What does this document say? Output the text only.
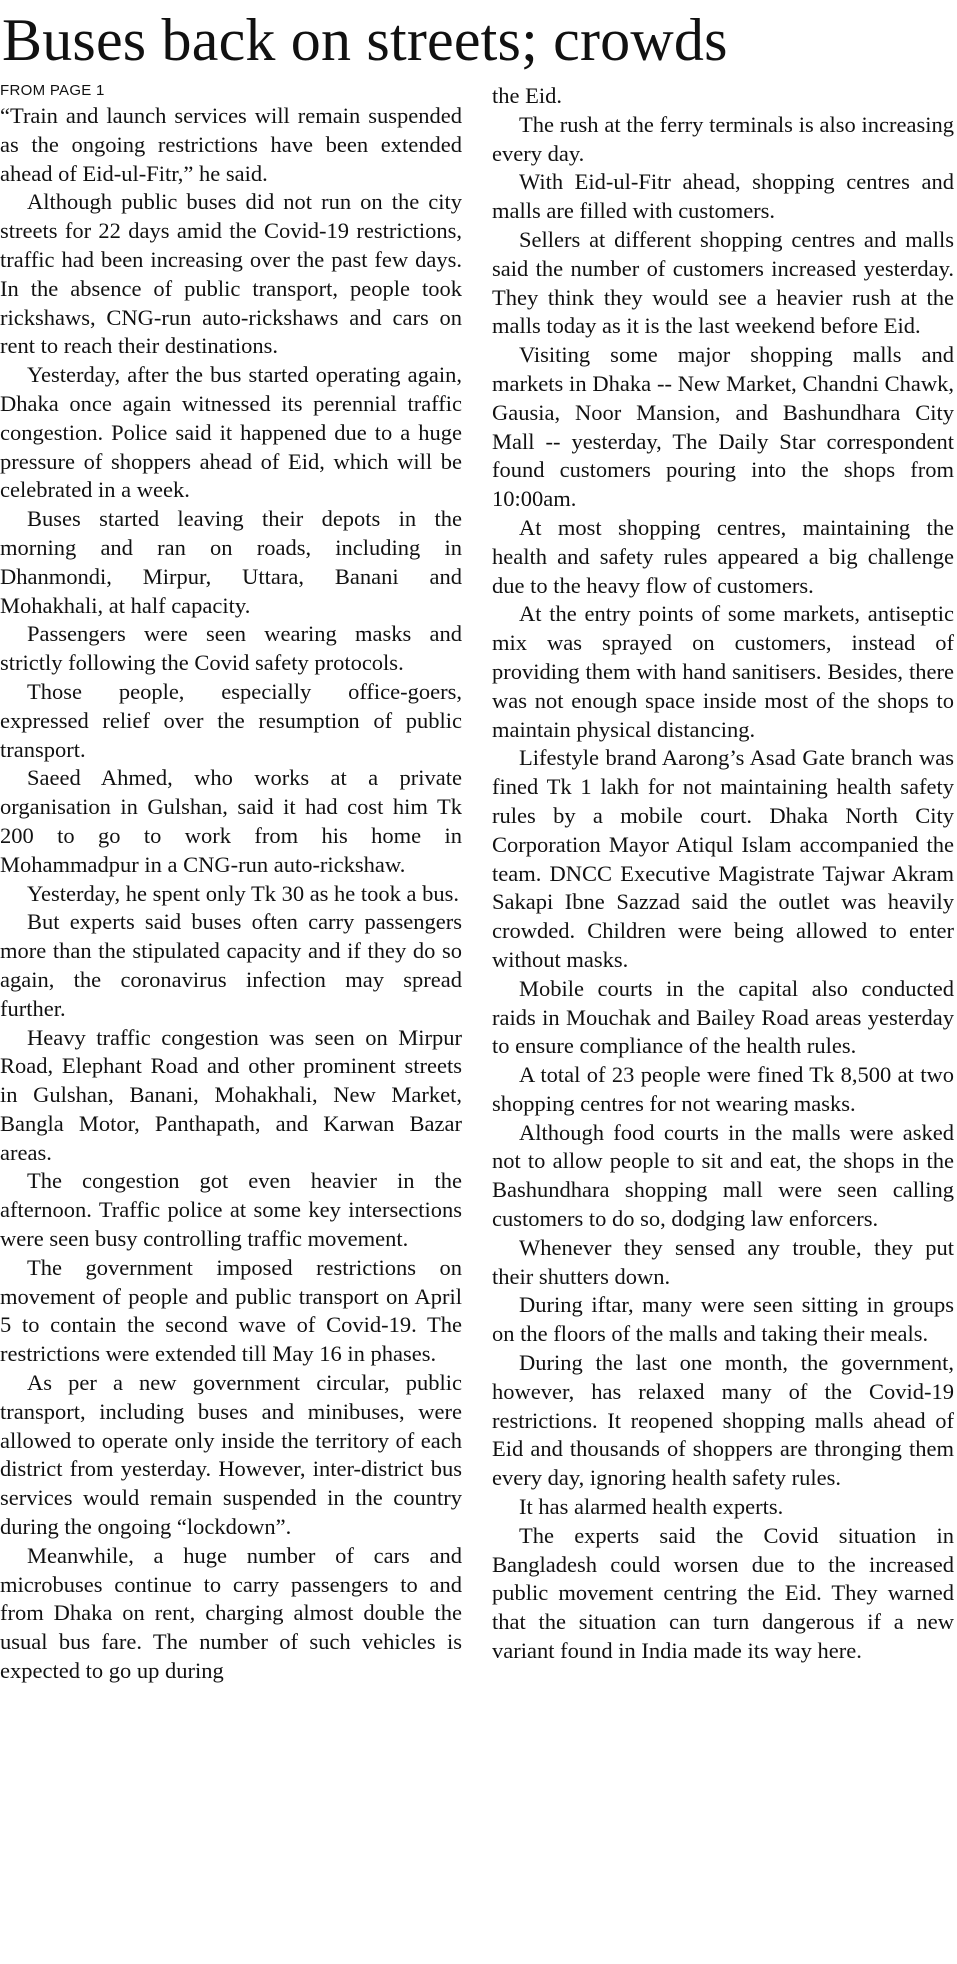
Buses back on streets; crowds
FROM PAGE 1

“Train and launch services will remain suspended as the ongoing restrictions have been extended ahead of Eid-ul-Fitr,” he said.

Although public buses did not run on the city streets for 22 days amid the Covid-19 restrictions, traffic had been increasing over the past few days. In the absence of public transport, people took rickshaws, CNG-run auto-rickshaws and cars on rent to reach their destinations.

Yesterday, after the bus started operating again, Dhaka once again witnessed its perennial traffic congestion. Police said it happened due to a huge pressure of shoppers ahead of Eid, which will be celebrated in a week.

Buses started leaving their depots in the morning and ran on roads, including in Dhanmondi, Mirpur, Uttara, Banani and Mohakhali, at half capacity.

Passengers were seen wearing masks and strictly following the Covid safety protocols.

Those people, especially office-goers, expressed relief over the resumption of public transport.

Saeed Ahmed, who works at a private organisation in Gulshan, said it had cost him Tk 200 to go to work from his home in Mohammadpur in a CNG-run auto-rickshaw.

Yesterday, he spent only Tk 30 as he took a bus.

But experts said buses often carry passengers more than the stipulated capacity and if they do so again, the coronavirus infection may spread further.

Heavy traffic congestion was seen on Mirpur Road, Elephant Road and other prominent streets in Gulshan, Banani, Mohakhali, New Market, Bangla Motor, Panthapath, and Karwan Bazar areas.

The congestion got even heavier in the afternoon. Traffic police at some key intersections were seen busy controlling traffic movement.

The government imposed restrictions on movement of people and public transport on April 5 to contain the second wave of Covid-19. The restrictions were extended till May 16 in phases.

As per a new government circular, public transport, including buses and minibuses, were allowed to operate only inside the territory of each district from yesterday. However, inter-district bus services would remain suspended in the country during the ongoing “lockdown”.

Meanwhile, a huge number of cars and microbuses continue to carry passengers to and from Dhaka on rent, charging almost double the usual bus fare. The number of such vehicles is expected to go up during

the Eid.

The rush at the ferry terminals is also increasing every day.

With Eid-ul-Fitr ahead, shopping centres and malls are filled with customers.

Sellers at different shopping centres and malls said the number of customers increased yesterday. They think they would see a heavier rush at the malls today as it is the last weekend before Eid.

Visiting some major shopping malls and markets in Dhaka -- New Market, Chandni Chawk, Gausia, Noor Mansion, and Bashundhara City Mall -- yesterday, The Daily Star correspondent found customers pouring into the shops from 10:00am.

At most shopping centres, maintaining the health and safety rules appeared a big challenge due to the heavy flow of customers.

At the entry points of some markets, antiseptic mix was sprayed on customers, instead of providing them with hand sanitisers. Besides, there was not enough space inside most of the shops to maintain physical distancing.

Lifestyle brand Aarong’s Asad Gate branch was fined Tk 1 lakh for not maintaining health safety rules by a mobile court. Dhaka North City Corporation Mayor Atiqul Islam accompanied the team. DNCC Executive Magistrate Tajwar Akram Sakapi Ibne Sazzad said the outlet was heavily crowded. Children were being allowed to enter without masks.

Mobile courts in the capital also conducted raids in Mouchak and Bailey Road areas yesterday to ensure compliance of the health rules.

A total of 23 people were fined Tk 8,500 at two shopping centres for not wearing masks.

Although food courts in the malls were asked not to allow people to sit and eat, the shops in the Bashundhara shopping mall were seen calling customers to do so, dodging law enforcers.

Whenever they sensed any trouble, they put their shutters down.

During iftar, many were seen sitting in groups on the floors of the malls and taking their meals.

During the last one month, the government, however, has relaxed many of the Covid-19 restrictions. It reopened shopping malls ahead of Eid and thousands of shoppers are thronging them every day, ignoring health safety rules.

It has alarmed health experts.

The experts said the Covid situation in Bangladesh could worsen due to the increased public movement centring the Eid. They warned that the situation can turn dangerous if a new variant found in India made its way here.
